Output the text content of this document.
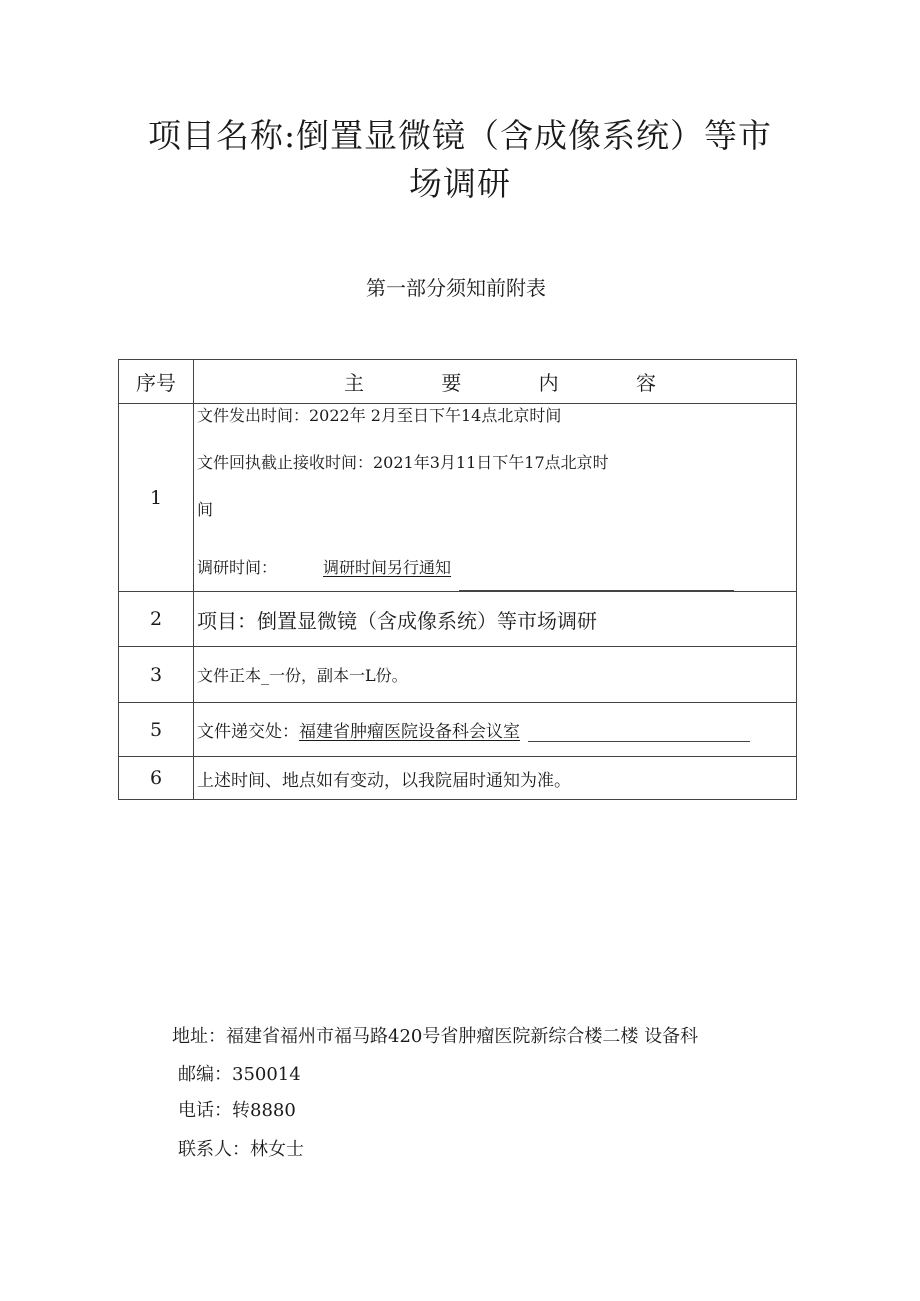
项目名称:倒置显微镜（含成像系统）等市
场调研
第一部分须知前附表
序号	主 要 内 容

1	文件发出时间：2022年 2月至日下午14点北京时间
文件回执截止接收时间：2021年3月11日下午17点北京时
间
调研时间： 调研时间另行通知

2	项目：倒置显微镜（含成像系统）等市场调研
3	文件正本_一份，副本一L份。
5	文件递交处：福建省肿瘤医院设备科会议室
6	上述时间、地点如有变动，以我院届时通知为准。
地址：福建省福州市福马路420号省肿瘤医院新综合楼二楼 设备科
邮编：350014
电话：转8880
联系人：林女士
